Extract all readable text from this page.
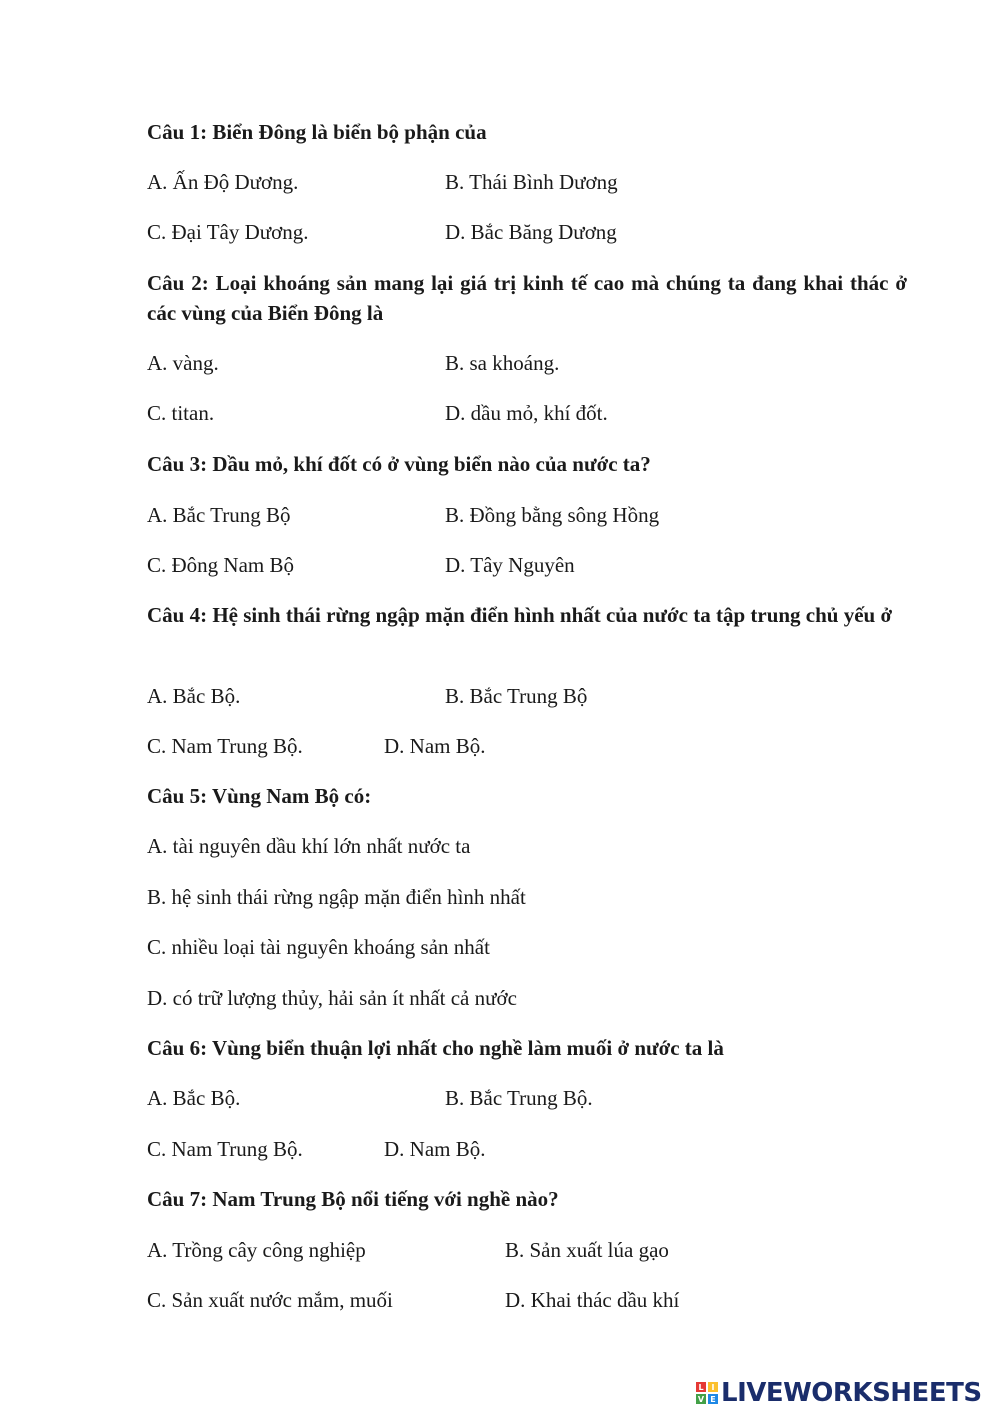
Câu 1: Biển Đông là biển bộ phận của
A. Ấn Độ Dương.	B. Thái Bình Dương
C. Đại Tây Dương.	D. Bắc Băng Dương
Câu 2: Loại khoáng sản mang lại giá trị kinh tế cao mà chúng ta đang khai thác ở các vùng của Biển Đông là
A. vàng.	B. sa khoáng.
C. titan.	D. dầu mỏ, khí đốt.
Câu 3: Dầu mỏ, khí đốt có ở vùng biển nào của nước ta?
A. Bắc Trung Bộ	B. Đồng bằng sông Hồng
C. Đông Nam Bộ	D. Tây Nguyên
Câu 4: Hệ sinh thái rừng ngập mặn điển hình nhất của nước ta tập trung chủ yếu ở
A. Bắc Bộ.	B. Bắc Trung Bộ
C. Nam Trung Bộ.	D. Nam Bộ.
Câu 5: Vùng Nam Bộ có:
A. tài nguyên dầu khí lớn nhất nước ta
B. hệ sinh thái rừng ngập mặn điển hình nhất
C. nhiều loại tài nguyên khoáng sản nhất
D. có trữ lượng thủy, hải sản ít nhất cả nước
Câu 6: Vùng biển thuận lợi nhất cho nghề làm muối ở nước ta là
A. Bắc Bộ.	B. Bắc Trung Bộ.
C. Nam Trung Bộ.	D. Nam Bộ.
Câu 7: Nam Trung Bộ nổi tiếng với nghề nào?
A. Trồng cây công nghiệp	B. Sản xuất lúa gạo
C. Sản xuất nước mắm, muối	D. Khai thác dầu khí
L I
V E LIVEWORKSHEETS
